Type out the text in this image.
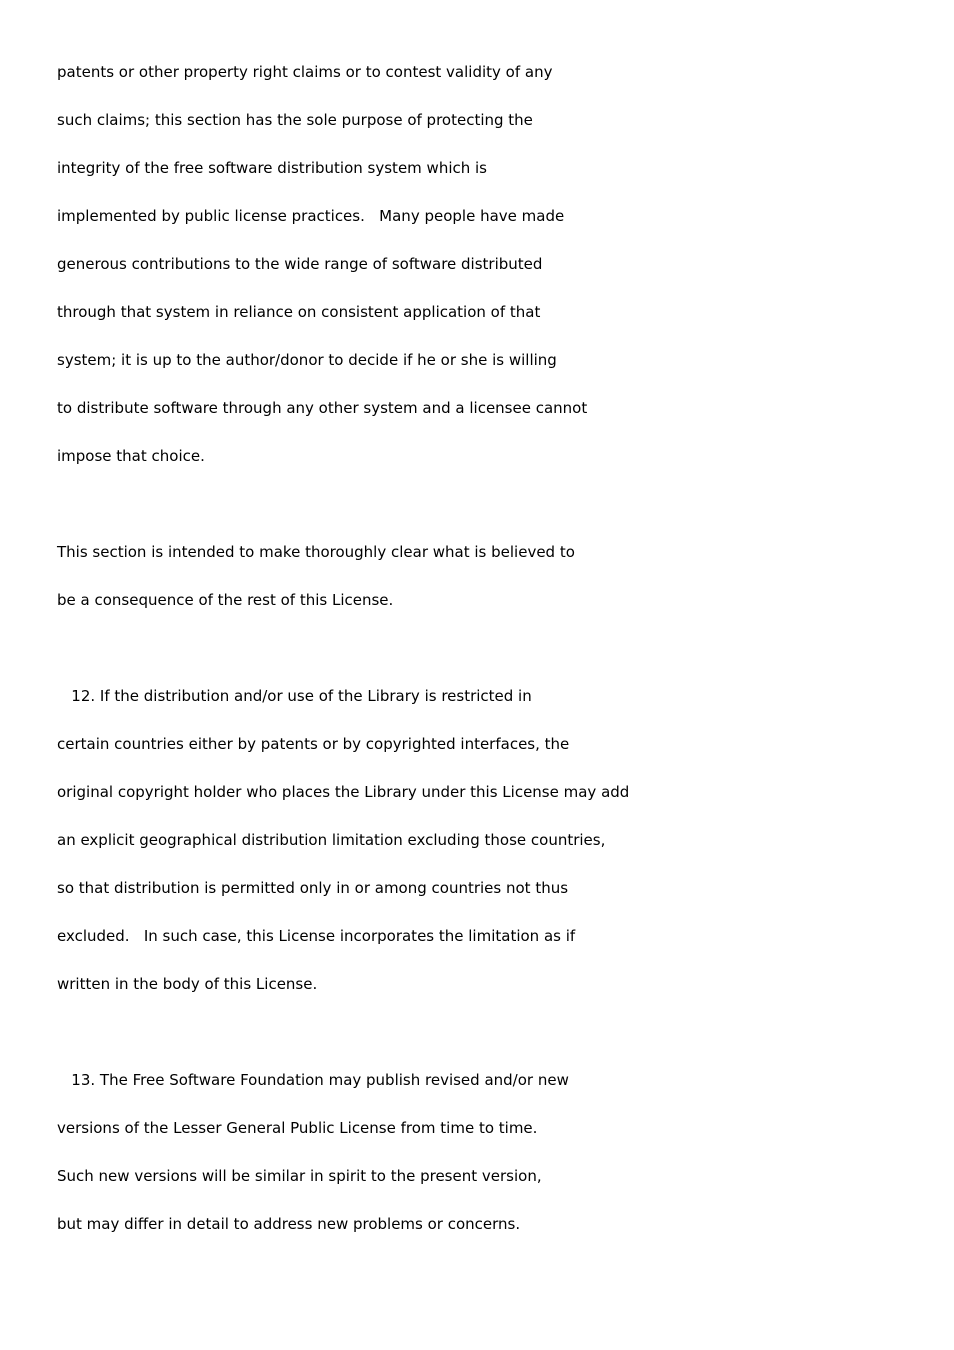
patents or other property right claims or to contest validity of any
such claims; this section has the sole purpose of protecting the
integrity of the free software distribution system which is
implemented by public license practices.   Many people have made
generous contributions to the wide range of software distributed
through that system in reliance on consistent application of that
system; it is up to the author/donor to decide if he or she is willing
to distribute software through any other system and a licensee cannot
impose that choice.
This section is intended to make thoroughly clear what is believed to
be a consequence of the rest of this License.
12. If the distribution and/or use of the Library is restricted in
certain countries either by patents or by copyrighted interfaces, the
original copyright holder who places the Library under this License may add
an explicit geographical distribution limitation excluding those countries,
so that distribution is permitted only in or among countries not thus
excluded.   In such case, this License incorporates the limitation as if
written in the body of this License.
13. The Free Software Foundation may publish revised and/or new
versions of the Lesser General Public License from time to time.
Such new versions will be similar in spirit to the present version,
but may differ in detail to address new problems or concerns.
